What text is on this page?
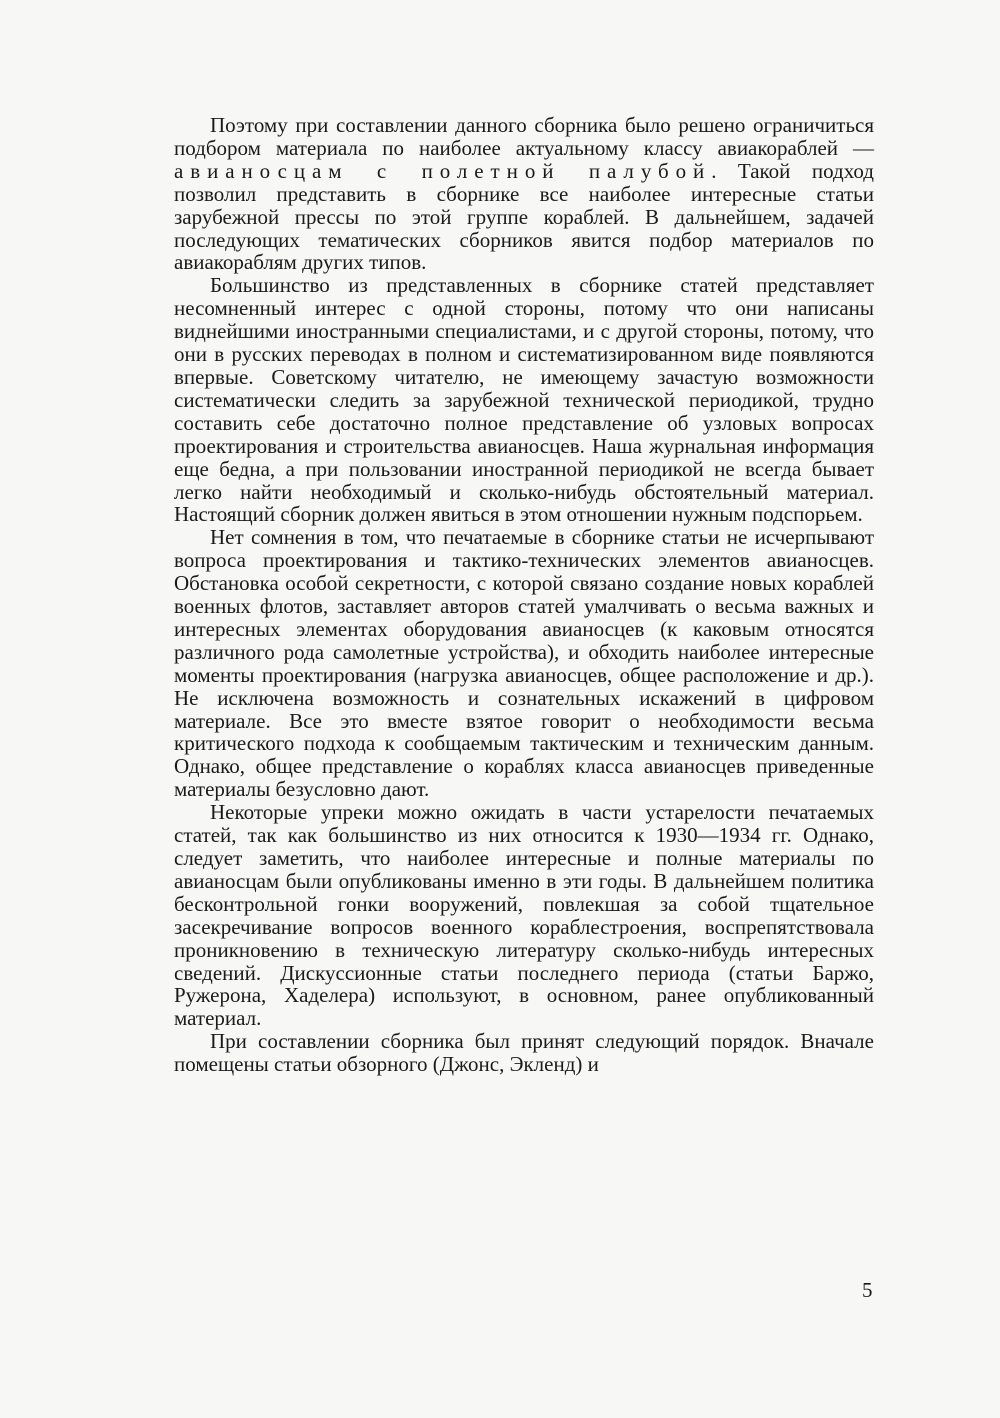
Поэтому при составлении данного сборника было решено ограничиться подбором материала по наиболее актуальному классу авиакораблей — авианосцам с полетной палубой. Такой подход позволил представить в сборнике все наиболее интересные статьи зарубежной прессы по этой группе кораблей. В дальнейшем, задачей последующих тематических сборников явится подбор материалов по авиакораблям других типов.

Большинство из представленных в сборнике статей представляет несомненный интерес с одной стороны, потому что они написаны виднейшими иностранными специалистами, и с другой стороны, потому, что они в русских переводах в полном и систематизированном виде появляются впервые. Советскому читателю, не имеющему зачастую возможности систематически следить за зарубежной технической периодикой, трудно составить себе достаточно полное представление об узловых вопросах проектирования и строительства авианосцев. Наша журнальная информация еще бедна, а при пользовании иностранной периодикой не всегда бывает легко найти необходимый и сколько-нибудь обстоятельный материал. Настоящий сборник должен явиться в этом отношении нужным подспорьем.

Нет сомнения в том, что печатаемые в сборнике статьи не исчерпывают вопроса проектирования и тактико-технических элементов авианосцев. Обстановка особой секретности, с которой связано создание новых кораблей военных флотов, заставляет авторов статей умалчивать о весьма важных и интересных элементах оборудования авианосцев (к каковым относятся различного рода самолетные устройства), и обходить наиболее интересные моменты проектирования (нагрузка авианосцев, общее расположение и др.). Не исключена возможность и сознательных искажений в цифровом материале. Все это вместе взятое говорит о необходимости весьма критического подхода к сообщаемым тактическим и техническим данным. Однако, общее представление о кораблях класса авианосцев приведенные материалы безусловно дают.

Некоторые упреки можно ожидать в части устарелости печатаемых статей, так как большинство из них относится к 1930—1934 гг. Однако, следует заметить, что наиболее интересные и полные материалы по авианосцам были опубликованы именно в эти годы. В дальнейшем политика бесконтрольной гонки вооружений, повлекшая за собой тщательное засекречивание вопросов военного кораблестроения, воспрепятствовала проникновению в техническую литературу сколько-нибудь интересных сведений. Дискуссионные статьи последнего периода (статьи Баржо, Ружерона, Хаделера) используют, в основном, ранее опубликованный материал.

При составлении сборника был принят следующий порядок. Вначале помещены статьи обзорного (Джонс, Экленд) и

5
